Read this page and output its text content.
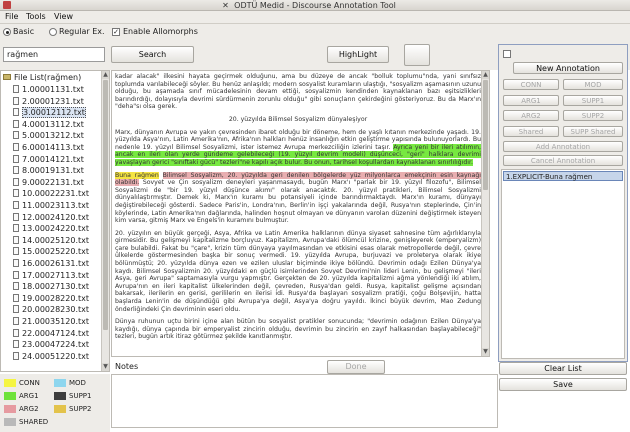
✕ ODTÜ Medid - Discourse Annotation Tool
File Tools View
Basic	Regular Ex. ✓ Enable Allomorphs
rağmen	Search	HighLight
File List(rağmen)
1.00001131.txt
2.00001231.txt
3.00012112.txt
4.00013112.txt
5.00013212.txt
6.00014113.txt
7.00014121.txt
8.00019131.txt
9.00022131.txt
10.00022231.txt
11.00023113.txt
12.00024120.txt
13.00024220.txt
14.00025120.txt
15.00025220.txt
16.00026131.txt
17.00027113.txt
18.00027130.txt
19.00028220.txt
20.00028230.txt
21.00035120.txt
22.00047124.txt
23.00047224.txt
24.00051220.txt
▲
▼

kadar alacak" ilkesini hayata geçirmek olduğunu, ama bu düzeye de ancak "bolluk toplumu"nda, yani sınıfsız toplumda varılabileceği söyler. Bu henüz anlaşıldı; modern sosyalist kuramların ulaştığı, "sosyalizm aşamasının uzunu olduğu, bu aşamada sınıf mücadelesinin devam ettiği, sosyalizmin kendinden kaynaklanan bazı eşitsizlikleri barındırdığı, dolayısıyla devrimi sürdürmenin zorunlu olduğu" gibi sonuçların çekirdeğini gösteriyoruz. Bu da Marx'ın "deha"sı olsa gerek.

20. yüzyılda Bilimsel Sosyalizm dünyaleşiyor

Marx, dünyanın Avrupa ve yakın çevresinden ibaret olduğu bir döneme, hem de yaşlı kıtanın merkezinde yaşadı. 19. yüzyılda Asya'nın, Latin Amerika'nın, Afrika'nın halkları henüz insanlığın etkin geliştirme yapısında bulunuyorlardı. Bu nedenle 19. yüzyıl Bilimsel Sosyalizmi, ister istemez Avrupa merkezciliğin izlerini taşır. Ayrıca yeni bir ileri atılımın, ancak en ileri olan yerde gündeme gelebileceği (19. yüzyıl devrim modeli) düşünceci, "geri" halklara devrimi yavaşlayan gerici "sınıftaki gücü" tezleri"ne kapılı açık bulur. Bu onun, tarihsel koşullardan kaynaklanan sınırlılığıdır.

Buna rağmen Bilimsel Sosyalizm, 20. yüzyılda geri denilen bölgelerde yüz milyonlarca emekçinin esin kaynağı olabildi. Sovyet ve Çin sosyalizm deneyleri yaşanmasaydı, bugün Marx'ı "parlak bir 19. yüzyıl filozofu", Bilimsel Sosyalizmi de "bir 19. yüzyıl düşünce akımı" olarak anacaktık. 20. yüzyıl pratikleri, Bilimsel Sosyalizmi dünyalılaştırmıştır. Demek ki, Marx'ın kuramı bu potansiyeli içinde barındırmaktaydı. Marx'ın kuramı, dünyayı değiştirebileceği gösterdi. Sadece Paris'in, Londra'nın, Berlin'in işçi yakalarında değil, Rusya'nın steplerinde, Çin'in köylerinde, Latin Amerika'nın dağlarında, halinden hoşnut olmayan ve dünyanın varolan düzenini değiştirmek isteyen kim varsa, gitmiş Marx ve Engels'in kuramını bulmuştur.

20. yüzyılın en büyük gerçeği, Asya, Afrika ve Latin Amerika halklarının dünya siyaset sahnesine tüm ağırlıklarıyla girmesidir. Bu gelişmeyi kapitalizme borçluyuz. Kapitalizm, Avrupa'daki ölümcül krizine, genişleyerek (emperyalizm) çare bulabildi. Fakat bu "çare", krizin tüm dünyaya yayılmasından ve etkisini esas olarak metropollerde değil, çevre ülkelerde göstermesinden başka bir sonuç vermedi. 19. yüzyılda Avrupa, burjuvazi ve proleterya olarak ikiye bölünmüştü; 20. yüzyılda dünya ezen ve ezilen uluslar biçiminde ikiye bölündü. Devrimin odağı Ezilen Dünya'ya kaydı. Bilimsel Sosyalizmin 20. yüzyıldaki en güçlü isimlerinden Sovyet Devrimi'nin lideri Lenin, bu gelişmeyi "ileri Asya, geri Avrupa" saptamasıyla vurgu yapmıştır. Gerçekten de 20. yüzyılda kapitalizmi ağma yönlendiği iki atılım, Avrupa'nın en ileri kapitalist ülkelerinden değil, çevreden, Rusya'dan geldi. Rusya, kapitalist gelişme açısından bakarsak, ilerilerin en gerisi, gerililerin en ilerisi idi. Rusya'da başlayan sosyalizm pratiği, çoğu Bolşevijin, hatta başlarda Lenin'in de düşündüğü gibi Avrupa'ya değil, Asya'ya doğru yayıldı. İkinci büyük devrim, Mao Zedung önderliğindeki Çin devriminin eseri oldu.

Dünya ruhunun uçtu birini içine alan bütün bu sosyalist pratikler sonucunda; "devrimin odağının Ezilen Dünya'ya kaydığı, dünya çapında bir emperyalist zincirin olduğu, devrimin bu zincirin en zayıf halkasından başlayabileceği" tezleri, bugün artık itiraz götürmez şekilde kanıtlanmıştır.

▲
▼
Notes	Done
New Annotation
CONN	MOD
ARG1	SUPP1
ARG2	SUPP2
Shared	SUPP Shared
Add Annotation
Cancel Annotation
1.EXPLICIT-Buna rağmen
Clear List
Save
CONN	MOD
ARG1	SUPP1
ARG2	SUPP2
SHARED
